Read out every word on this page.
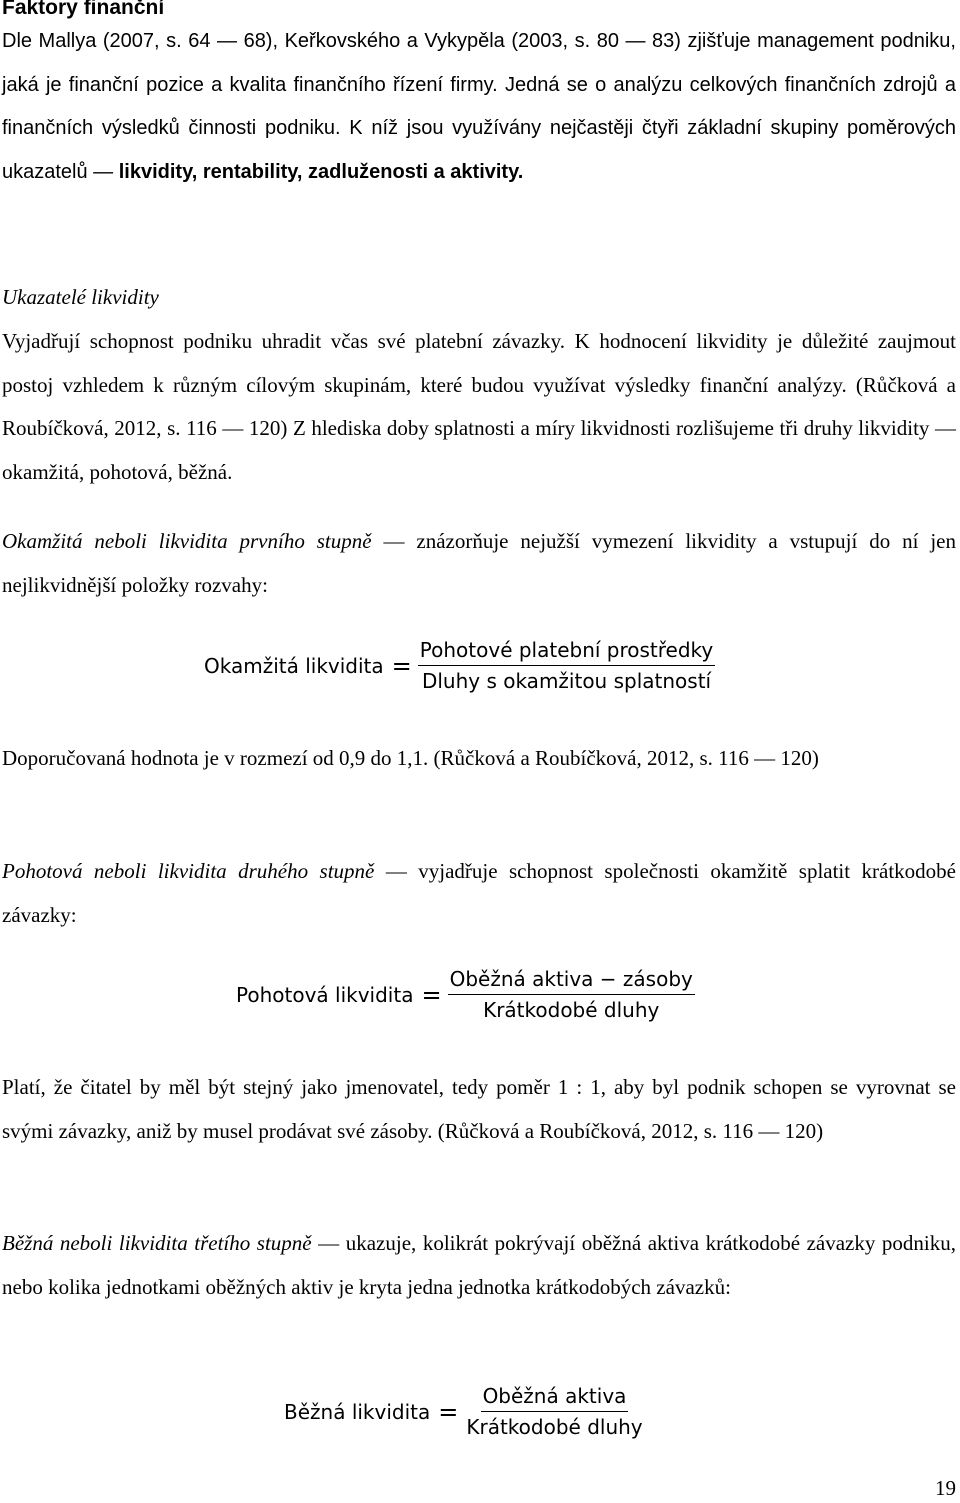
Faktory finanční

Dle Mallya (2007, s. 64 — 68), Keřkovského a Vykypěla (2003, s. 80 — 83) zjišťuje management podniku, jaká je finanční pozice a kvalita finančního řízení firmy. Jedná se o analýzu celkových finančních zdrojů a finančních výsledků činnosti podniku. K níž jsou využívány nejčastěji čtyři základní skupiny poměrových ukazatelů — likvidity, rentability, zadluženosti a aktivity.

Ukazatelé likvidity

Vyjadřují schopnost podniku uhradit včas své platební závazky. K hodnocení likvidity je důležité zaujmout postoj vzhledem k různým cílovým skupinám, které budou využívat výsledky finanční analýzy. (Růčková a Roubíčková, 2012, s. 116 — 120) Z hlediska doby splatnosti a míry likvidnosti rozlišujeme tři druhy likvidity — okamžitá, pohotová, běžná.

Okamžitá neboli likvidita prvního stupně — znázorňuje nejužší vymezení likvidity a vstupují do ní jen nejlikvidnější položky rozvahy:

Okamžitá likvidita = $\frac{\text{Pohotové platební prostředky}}{\text{Dluhy s okamžitou splatností}}$

Doporučovaná hodnota je v rozmezí od 0,9 do 1,1. (Růčková a Roubíčková, 2012, s. 116 — 120)

Pohotová neboli likvidita druhého stupně — vyjadřuje schopnost společnosti okamžitě splatit krátkodobé závazky:

Pohotová likvidita = $\frac{\text{Oběžná aktiva − zásoby}}{\text{Krátkodobé dluhy}}$

Platí, že čitatel by měl být stejný jako jmenovatel, tedy poměr 1 : 1, aby byl podnik schopen se vyrovnat se svými závazky, aniž by musel prodávat své zásoby. (Růčková a Roubíčková, 2012, s. 116 — 120)

Běžná neboli likvidita třetího stupně — ukazuje, kolikrát pokrývají oběžná aktiva krátkodobé závazky podniku, nebo kolika jednotkami oběžných aktiv je kryta jedna jednotka krátkodobých závazků:

Běžná likvidita = $\frac{\text{Oběžná aktiva}}{\text{Krátkodobé dluhy}}$
19
